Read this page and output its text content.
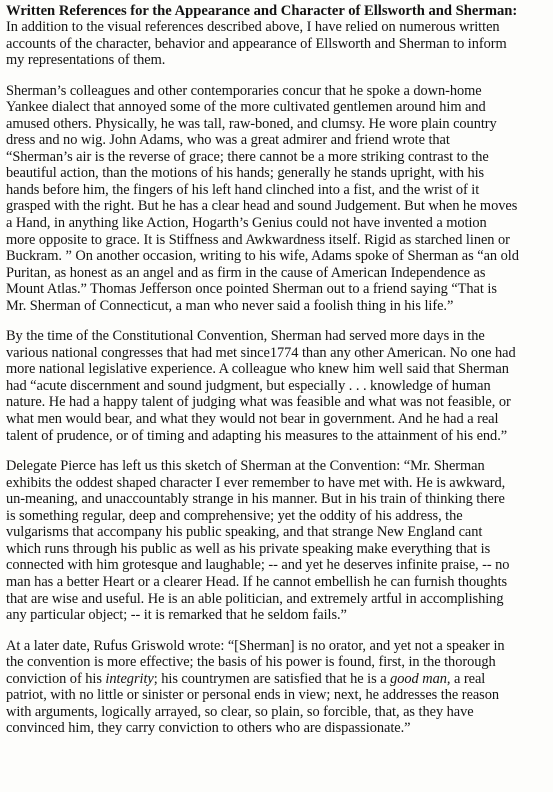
Written References for the Appearance and Character of Ellsworth and Sherman:
In addition to the visual references described above, I have relied on numerous written
accounts of the character, behavior and appearance of Ellsworth and Sherman to inform
my representations of them.
Sherman’s colleagues and other contemporaries concur that he spoke a down-home
Yankee dialect that annoyed some of the more cultivated gentlemen around him and
amused others. Physically, he was tall, raw-boned, and clumsy. He wore plain country
dress and no wig. John Adams, who was a great admirer and friend wrote that
“Sherman’s air is the reverse of grace; there cannot be a more striking contrast to the
beautiful action, than the motions of his hands; generally he stands upright, with his
hands before him, the fingers of his left hand clinched into a fist, and the wrist of it
grasped with the right. But he has a clear head and sound Judgement. But when he moves
a Hand, in anything like Action, Hogarth’s Genius could not have invented a motion
more opposite to grace. It is Stiffness and Awkwardness itself. Rigid as starched linen or
Buckram. ” On another occasion, writing to his wife, Adams spoke of Sherman as “an old
Puritan, as honest as an angel and as firm in the cause of American Independence as
Mount Atlas.” Thomas Jefferson once pointed Sherman out to a friend saying “That is
Mr. Sherman of Connecticut, a man who never said a foolish thing in his life.”
By the time of the Constitutional Convention, Sherman had served more days in the
various national congresses that had met since1774 than any other American. No one had
more national legislative experience. A colleague who knew him well said that Sherman
had “acute discernment and sound judgment, but especially . . . knowledge of human
nature. He had a happy talent of judging what was feasible and what was not feasible, or
what men would bear, and what they would not bear in government. And he had a real
talent of prudence, or of timing and adapting his measures to the attainment of his end.”
Delegate Pierce has left us this sketch of Sherman at the Convention: “Mr. Sherman
exhibits the oddest shaped character I ever remember to have met with. He is awkward,
un-meaning, and unaccountably strange in his manner. But in his train of thinking there
is something regular, deep and comprehensive; yet the oddity of his address, the
vulgarisms that accompany his public speaking, and that strange New England cant
which runs through his public as well as his private speaking make everything that is
connected with him grotesque and laughable; -- and yet he deserves infinite praise, -- no
man has a better Heart or a clearer Head. If he cannot embellish he can furnish thoughts
that are wise and useful. He is an able politician, and extremely artful in accomplishing
any particular object; -- it is remarked that he seldom fails.”
At a later date, Rufus Griswold wrote: “[Sherman] is no orator, and yet not a speaker in
the convention is more effective; the basis of his power is found, first, in the thorough
conviction of his integrity; his countrymen are satisfied that he is a good man, a real
patriot, with no little or sinister or personal ends in view; next, he addresses the reason
with arguments, logically arrayed, so clear, so plain, so forcible, that, as they have
convinced him, they carry conviction to others who are dispassionate.”
